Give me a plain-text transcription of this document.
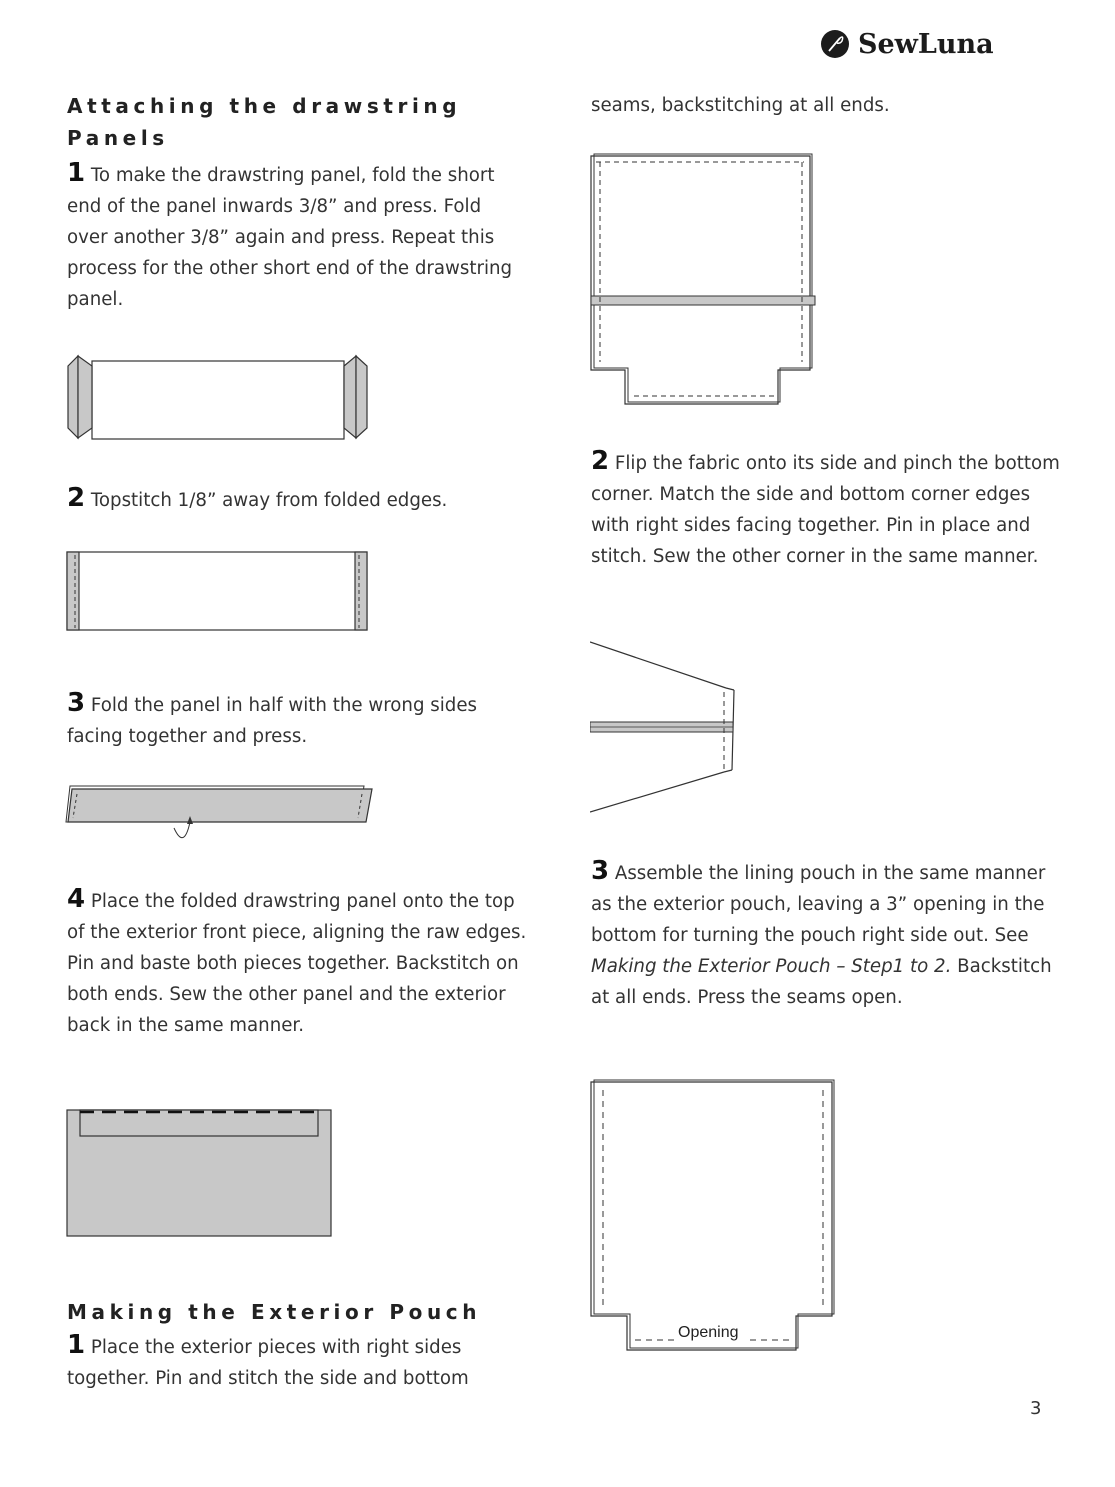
SewLuna
Attaching the drawstring
Panels

1 To make the drawstring panel, fold the short end of the panel inwards 3/8” and press. Fold over another 3/8” again and press. Repeat this process for the other short end of the drawstring panel.

2 Topstitch 1/8” away from folded edges.

3 Fold the panel in half with the wrong sides facing together and press.

4 Place the folded drawstring panel onto the top of the exterior front piece, aligning the raw edges. Pin and baste both pieces together. Backstitch on both ends. Sew the other panel and the exterior back in the same manner.

Making the Exterior Pouch

1 Place the exterior pieces with right sides together. Pin and stitch the side and bottom

seams, backstitching at all ends.

2 Flip the fabric onto its side and pinch the bottom corner. Match the side and bottom corner edges with right sides facing together. Pin in place and stitch. Sew the other corner in the same manner.

3 Assemble the lining pouch in the same manner as the exterior pouch, leaving a 3” opening in the bottom for turning the pouch right side out. See Making the Exterior Pouch – Step1 to 2. Backstitch at all ends. Press the seams open.

Opening
3
